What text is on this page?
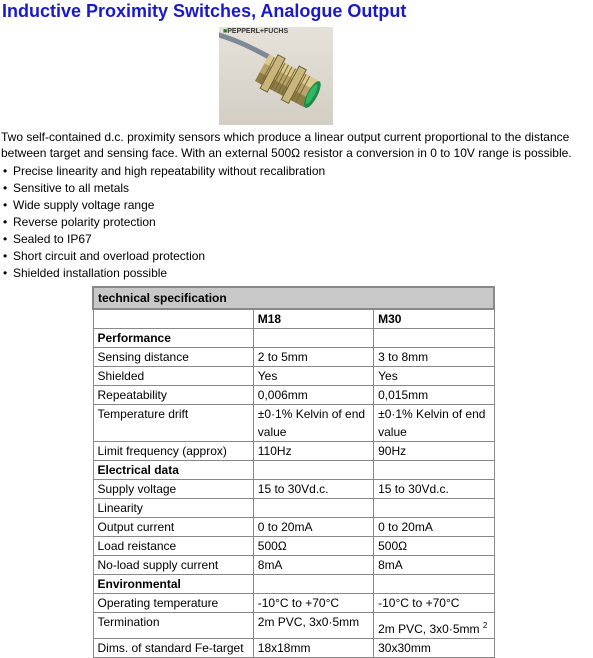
Inductive Proximity Switches, Analogue Output
■PEPPERL+FUCHS
Two self-contained d.c. proximity sensors which produce a linear output current proportional to the distance between target and sensing face. With an external 500Ω resistor a conversion in 0 to 10V range is possible.
• Precise linearity and high repeatability without recalibration
• Sensitive to all metals
• Wide supply voltage range
• Reverse polarity protection
• Sealed to IP67
• Short circuit and overload protection
• Shielded installation possible
technical specification		
	M18	M30
Performance		
Sensing distance	2 to 5mm	3 to 8mm
Shielded	Yes	Yes
Repeatability	0,006mm	0,015mm
Temperature drift	±0·1% Kelvin of end value	±0·1% Kelvin of end value
Limit frequency (approx)	110Hz	90Hz
Electrical data		
Supply voltage	15 to 30Vd.c.	15 to 30Vd.c.
Linearity		
Output current	0 to 20mA	0 to 20mA
Load reistance	500Ω	500Ω
No-load supply current	8mA	8mA
Environmental		
Operating temperature	-10°C to +70°C	-10°C to +70°C
Termination	2m PVC, 3x0·5mm	2m PVC, 3x0·5mm $^2$
Dims. of standard Fe-target	18x18mm	30x30mm
